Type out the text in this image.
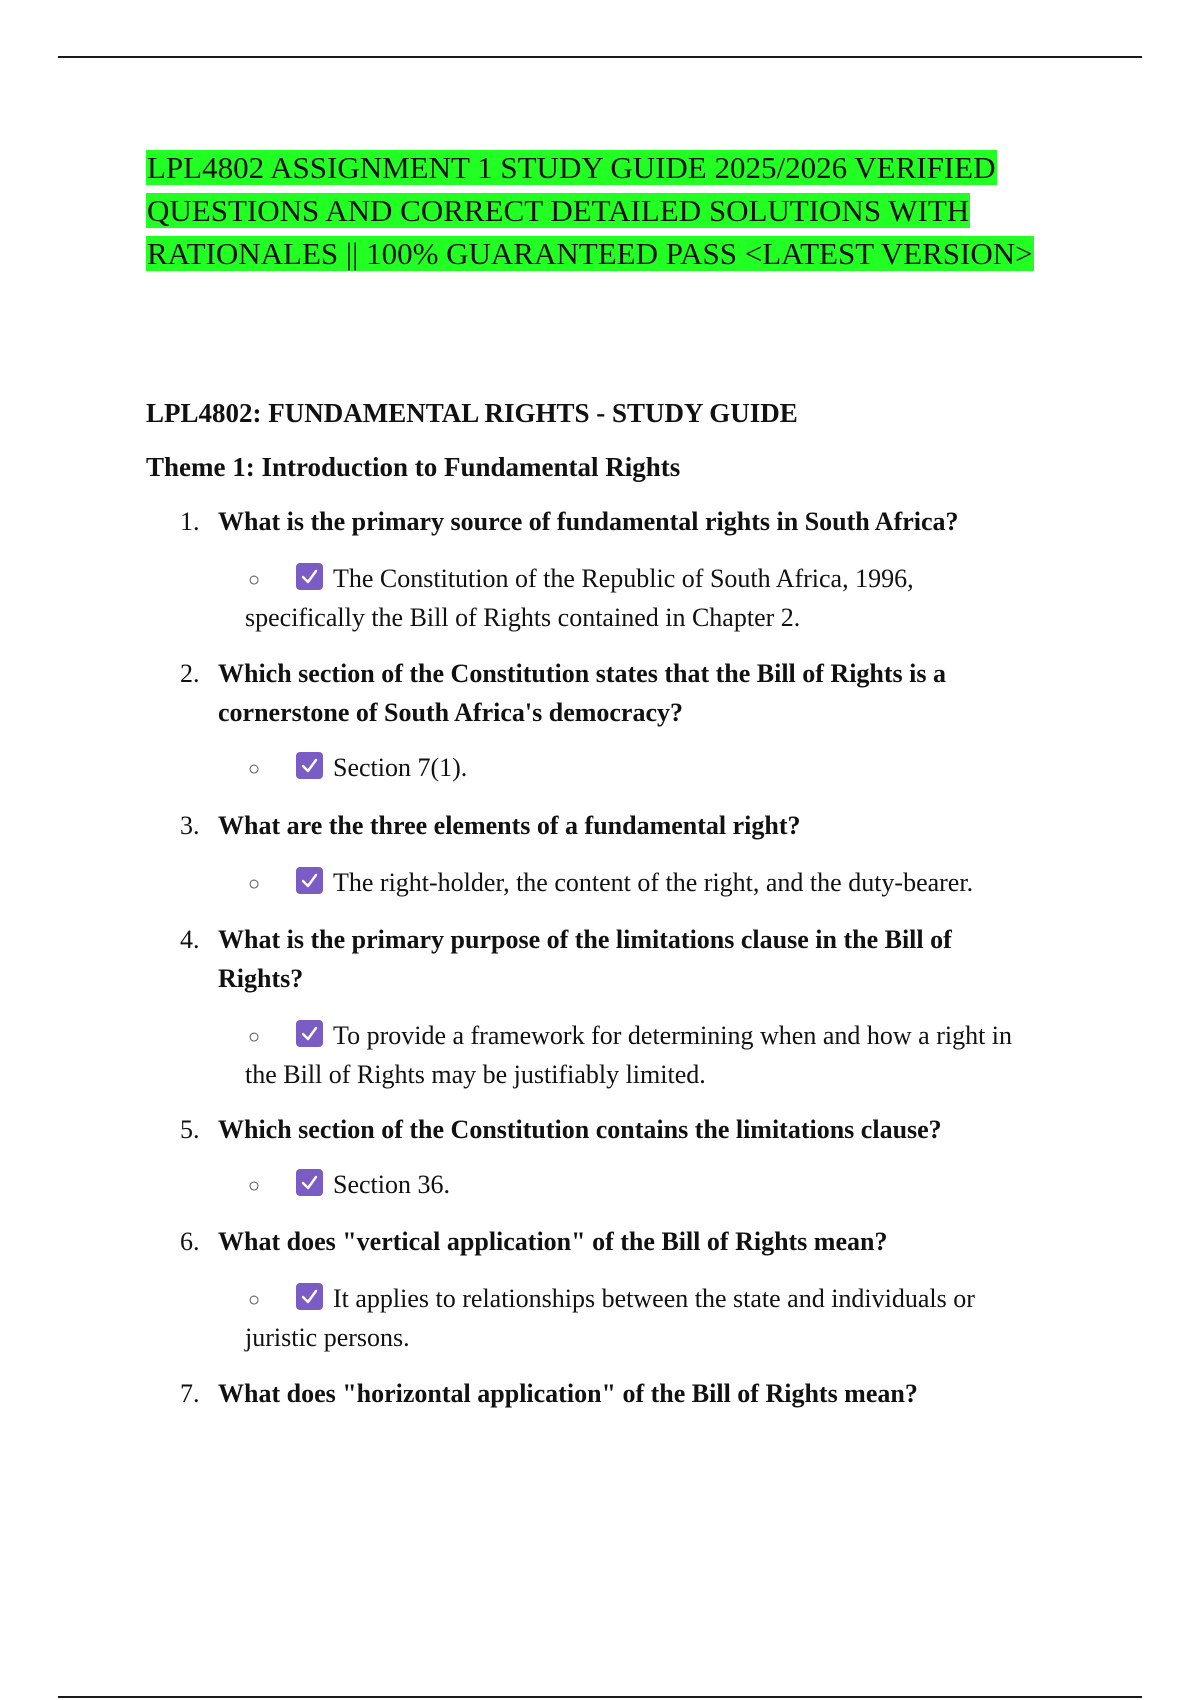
LPL4802 ASSIGNMENT 1 STUDY GUIDE 2025/2026 VERIFIED
QUESTIONS AND CORRECT DETAILED SOLUTIONS WITH
RATIONALES || 100% GUARANTEED PASS <LATEST VERSION>
LPL4802: FUNDAMENTAL RIGHTS - STUDY GUIDE
Theme 1: Introduction to Fundamental Rights
1. What is the primary source of fundamental rights in South Africa?
○	The Constitution of the Republic of South Africa, 1996,
specifically the Bill of Rights contained in Chapter 2.
2. Which section of the Constitution states that the Bill of Rights is a
cornerstone of South Africa's democracy?
○	Section 7(1).
3. What are the three elements of a fundamental right?
○	The right-holder, the content of the right, and the duty-bearer.
4. What is the primary purpose of the limitations clause in the Bill of
Rights?
○	To provide a framework for determining when and how a right in
the Bill of Rights may be justifiably limited.
5. Which section of the Constitution contains the limitations clause?
○	Section 36.
6. What does "vertical application" of the Bill of Rights mean?
○	It applies to relationships between the state and individuals or
juristic persons.
7. What does "horizontal application" of the Bill of Rights mean?
